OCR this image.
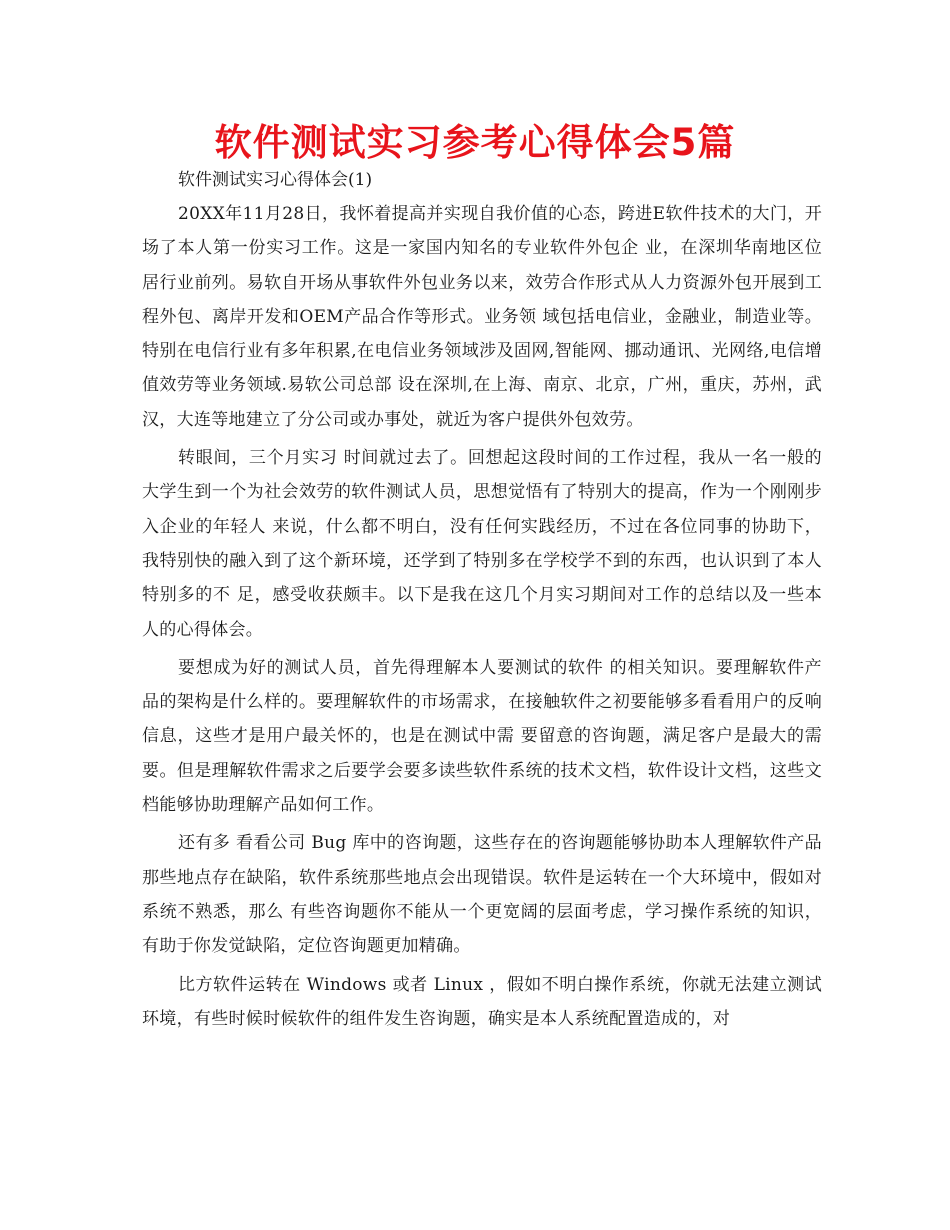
软件测试实习参考心得体会5篇

软件测试实习心得体会(1)

20XX年11月28日，我怀着提高并实现自我价值的心态，跨进E软件技术的大门，开场了本人第一份实习工作。这是一家国内知名的专业软件外包企 业，在深圳华南地区位居行业前列。易软自开场从事软件外包业务以来，效劳合作形式从人力资源外包开展到工程外包、离岸开发和OEM产品合作等形式。业务领 域包括电信业，金融业，制造业等。特别在电信行业有多年积累,在电信业务领域涉及固网,智能网、挪动通讯、光网络,电信增值效劳等业务领域.易软公司总部 设在深圳,在上海、南京、北京，广州，重庆，苏州，武汉，大连等地建立了分公司或办事处，就近为客户提供外包效劳。

转眼间，三个月实习 时间就过去了。回想起这段时间的工作过程，我从一名一般的大学生到一个为社会效劳的软件测试人员，思想觉悟有了特别大的提高，作为一个刚刚步入企业的年轻人 来说，什么都不明白，没有任何实践经历，不过在各位同事的协助下，我特别快的融入到了这个新环境，还学到了特别多在学校学不到的东西，也认识到了本人特别多的不 足，感受收获颇丰。以下是我在这几个月实习期间对工作的总结以及一些本人的心得体会。

要想成为好的测试人员，首先得理解本人要测试的软件 的相关知识。要理解软件产品的架构是什么样的。要理解软件的市场需求，在接触软件之初要能够多看看用户的反响信息，这些才是用户最关怀的，也是在测试中需 要留意的咨询题，满足客户是最大的需要。但是理解软件需求之后要学会要多读些软件系统的技术文档，软件设计文档，这些文档能够协助理解产品如何工作。

还有多 看看公司 Bug 库中的咨询题，这些存在的咨询题能够协助本人理解软件产品那些地点存在缺陷，软件系统那些地点会出现错误。软件是运转在一个大环境中，假如对系统不熟悉，那么 有些咨询题你不能从一个更宽阔的层面考虑，学习操作系统的知识，有助于你发觉缺陷，定位咨询题更加精确。

比方软件运转在 Windows 或者 Linux ，假如不明白操作系统，你就无法建立测试环境，有些时候时候软件的组件发生咨询题，确实是本人系统配置造成的，对
